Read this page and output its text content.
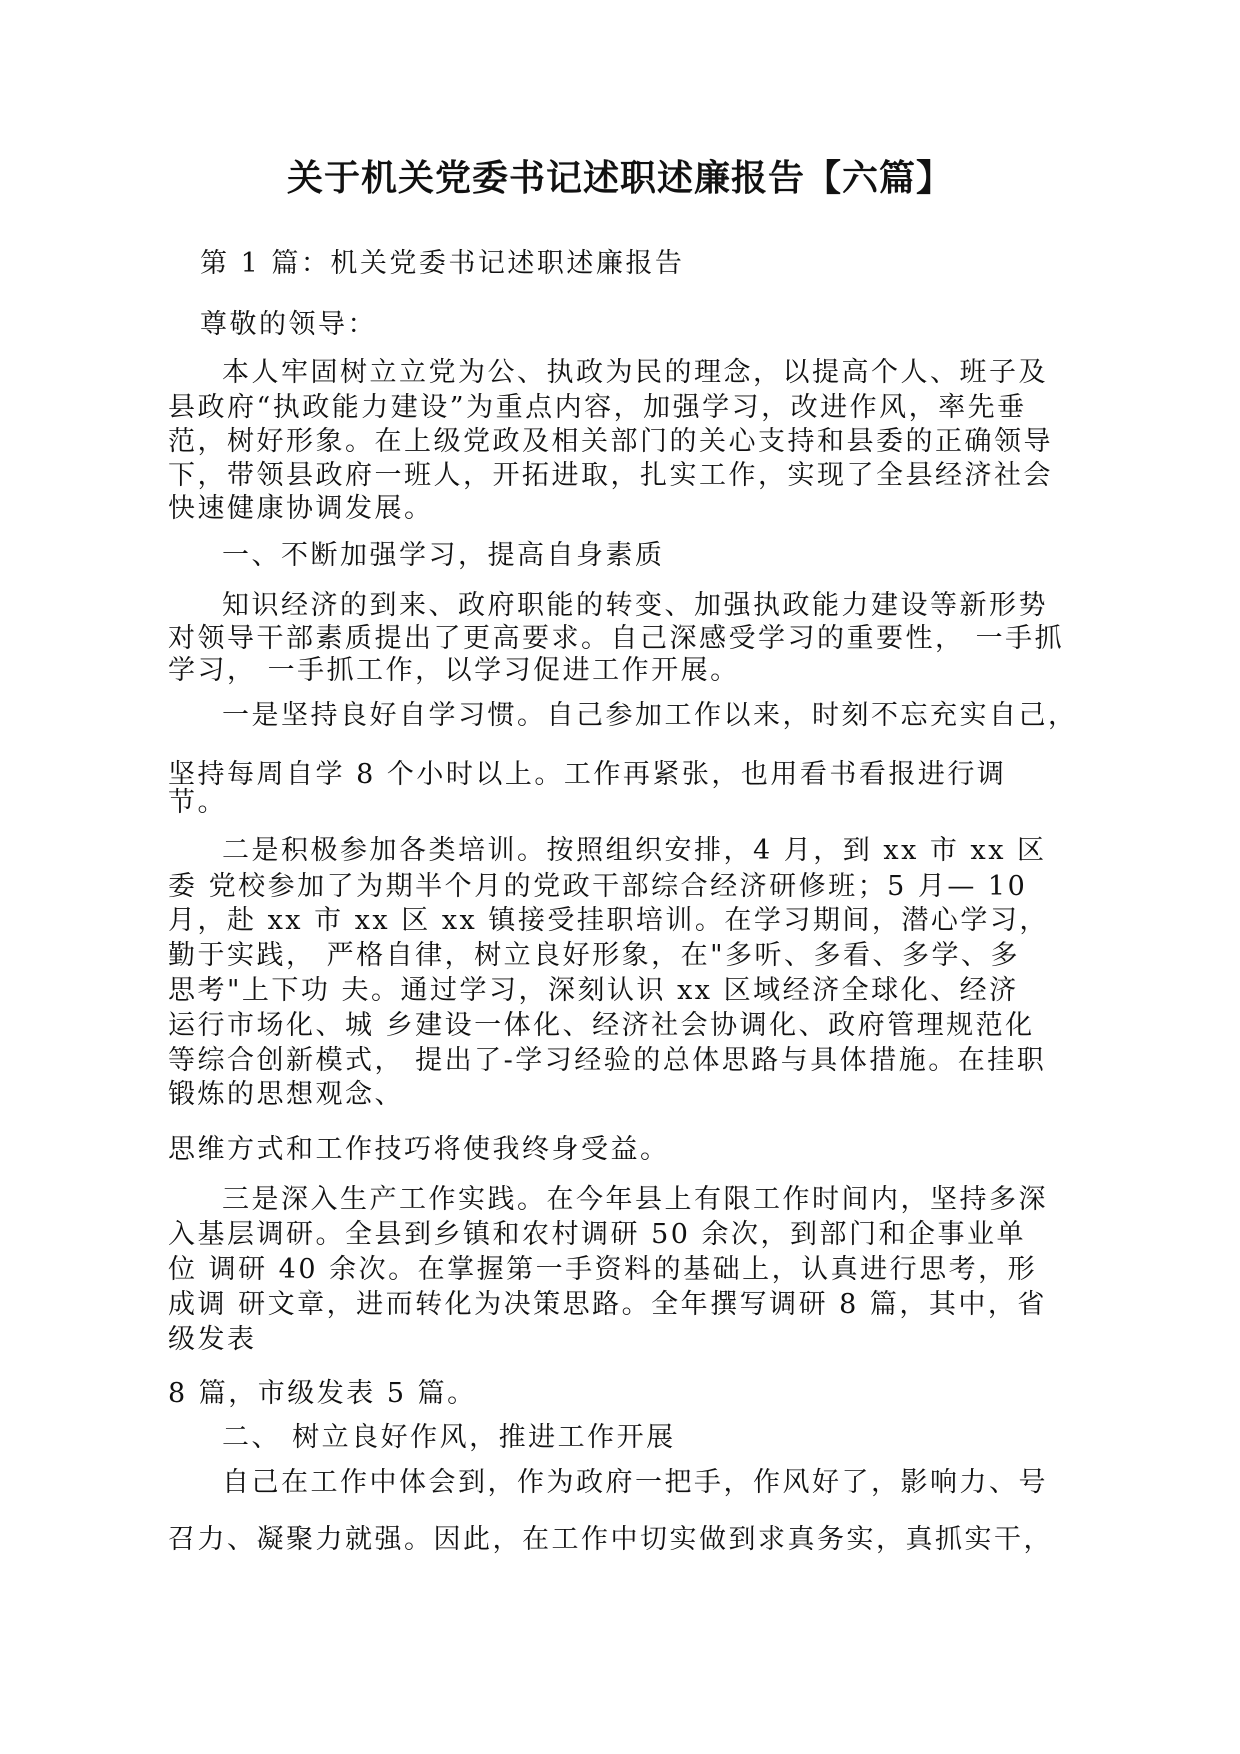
关于机关党委书记述职述廉报告【六篇】

第 1 篇：机关党委书记述职述廉报告

尊敬的领导：

本人牢固树立立党为公、执政为民的理念，以提高个人、班子及

县政府“执政能力建设”为重点内容，加强学习，改进作风，率先垂

范，树好形象。在上级党政及相关部门的关心支持和县委的正确领导

下，带领县政府一班人，开拓进取，扎实工作，实现了全县经济社会

快速健康协调发展。

一、不断加强学习，提高自身素质

知识经济的到来、政府职能的转变、加强执政能力建设等新形势

对领导干部素质提出了更高要求。自己深感受学习的重要性， 一手抓

学习， 一手抓工作，以学习促进工作开展。

一是坚持良好自学习惯。自己参加工作以来，时刻不忘充实自己，

坚持每周自学 8 个小时以上。工作再紧张，也用看书看报进行调

节。

二是积极参加各类培训。按照组织安排，4 月，到 xx 市 xx 区

委 党校参加了为期半个月的党政干部综合经济研修班；5 月— 10

月，赴 xx 市 xx 区 xx 镇接受挂职培训。在学习期间，潜心学习，

勤于实践， 严格自律，树立良好形象，在"多听、多看、多学、多

思考"上下功 夫。通过学习，深刻认识 xx 区域经济全球化、经济

运行市场化、城 乡建设一体化、经济社会协调化、政府管理规范化

等综合创新模式， 提出了-学习经验的总体思路与具体措施。在挂职

锻炼的思想观念、

思维方式和工作技巧将使我终身受益。

三是深入生产工作实践。在今年县上有限工作时间内，坚持多深

入基层调研。全县到乡镇和农村调研 50 余次，到部门和企事业单

位 调研 40 余次。在掌握第一手资料的基础上，认真进行思考，形

成调 研文章，进而转化为决策思路。全年撰写调研 8 篇，其中，省

级发表

8 篇，市级发表 5 篇。

二、 树立良好作风，推进工作开展

自己在工作中体会到，作为政府一把手，作风好了，影响力、号

召力、凝聚力就强。因此，在工作中切实做到求真务实，真抓实干，
